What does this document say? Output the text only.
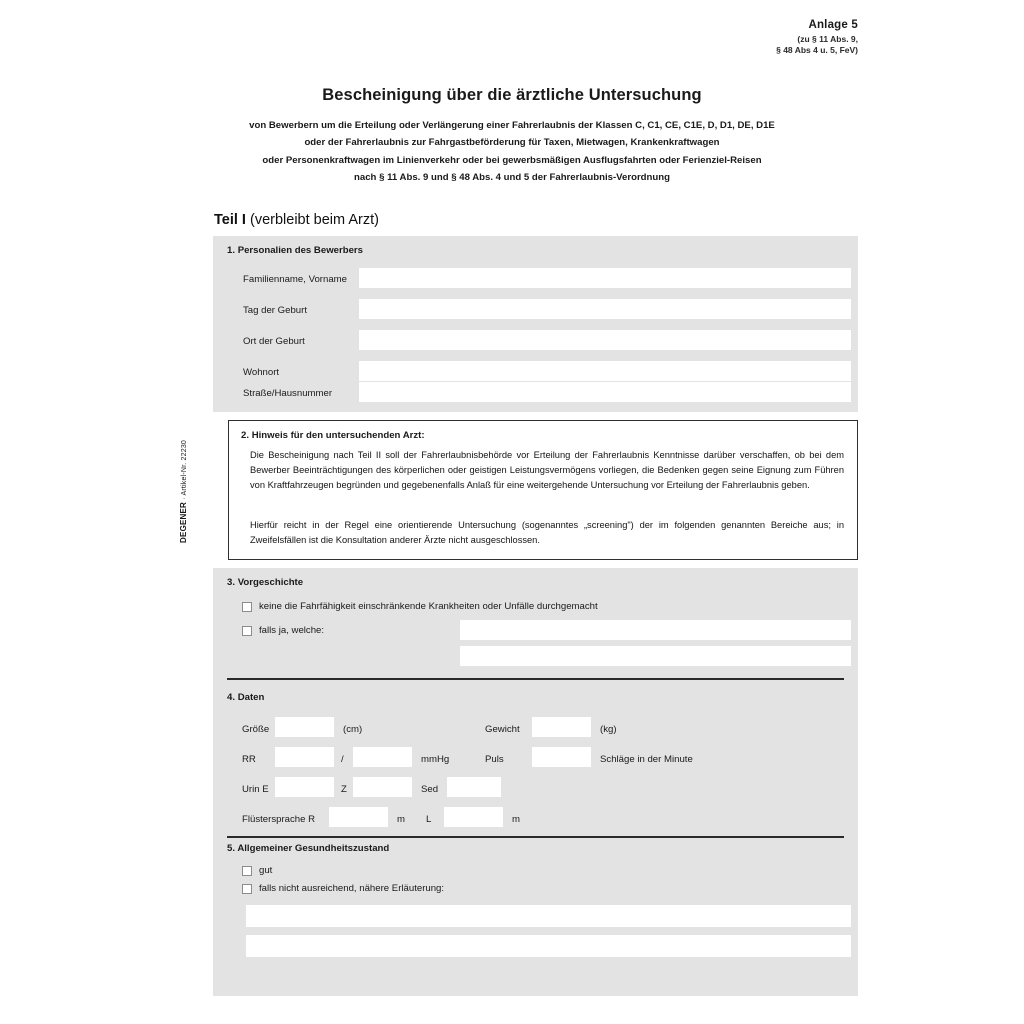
Anlage 5
(zu § 11 Abs. 9,
§ 48 Abs 4 u. 5, FeV)
Bescheinigung über die ärztliche Untersuchung
von Bewerbern um die Erteilung oder Verlängerung einer Fahrerlaubnis der Klassen C, C1, CE, C1E, D, D1, DE, D1E
oder der Fahrerlaubnis zur Fahrgastbeförderung für Taxen, Mietwagen, Krankenkraftwagen
oder Personenkraftwagen im Linienverkehr oder bei gewerbsmäßigen Ausflugsfahrten oder Ferienziel-Reisen
nach § 11 Abs. 9 und § 48 Abs. 4 und 5 der Fahrerlaubnis-Verordnung
Teil I (verbleibt beim Arzt)
1. Personalien des Bewerbers
Familienname, Vorname
Tag der Geburt
Ort der Geburt
Wohnort
Straße/Hausnummer
2. Hinweis für den untersuchenden Arzt:
Die Bescheinigung nach Teil II soll der Fahrerlaubnisbehörde vor Erteilung der Fahrerlaubnis Kenntnisse darüber verschaffen, ob bei dem Bewerber Beeinträchtigungen des körperlichen oder geistigen Leistungsvermögens vorliegen, die Bedenken gegen seine Eignung zum Führen von Kraftfahrzeugen begründen und gegebenenfalls Anlaß für eine weitergehende Untersuchung vor Erteilung der Fahrerlaubnis geben.
Hierfür reicht in der Regel eine orientierende Untersuchung (sogenanntes „screening") der im folgenden genannten Bereiche aus; in Zweifelsfällen ist die Konsultation anderer Ärzte nicht ausgeschlossen.
3. Vorgeschichte
keine die Fahrfähigkeit einschränkende Krankheiten oder Unfälle durchgemacht
falls ja, welche:
4. Daten
Größe	(cm)	Gewicht	(kg)
RR	/	mmHg	Puls	Schläge in der Minute
Urin E	Z	Sed
Flüstersprache R	m L	m
5. Allgemeiner Gesundheitszustand
gut
falls nicht ausreichend, nähere Erläuterung:
DEGENER · Artikel-Nr. 22230
